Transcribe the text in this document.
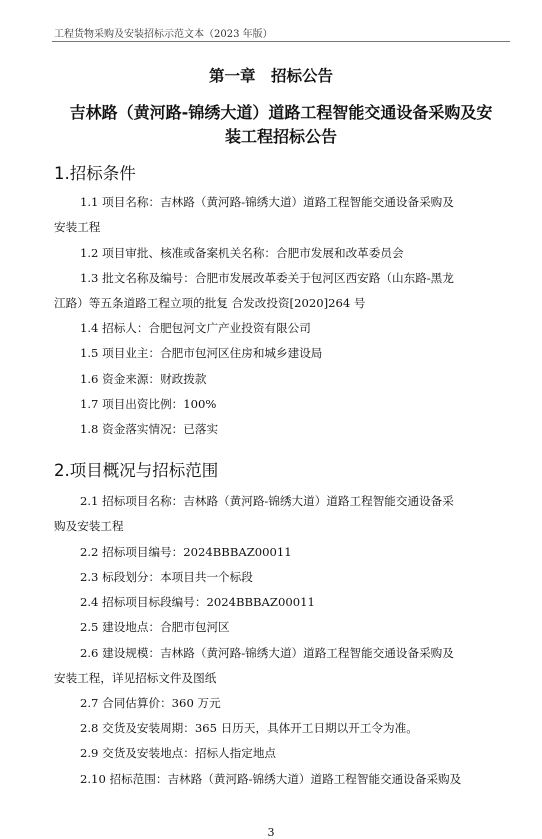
工程货物采购及安装招标示范文本（2023 年版）
第一章　招标公告
吉林路（黄河路-锦绣大道）道路工程智能交通设备采购及安
装工程招标公告
1.招标条件
1.1 项目名称：吉林路（黄河路-锦绣大道）道路工程智能交通设备采购及
安装工程
1.2 项目审批、核准或备案机关名称：合肥市发展和改革委员会
1.3 批文名称及编号：合肥市发展改革委关于包河区西安路（山东路-黑龙
江路）等五条道路工程立项的批复 合发改投资[2020]264 号
1.4 招标人：合肥包河文广产业投资有限公司
1.5 项目业主：合肥市包河区住房和城乡建设局
1.6 资金来源：财政拨款
1.7 项目出资比例：100%
1.8 资金落实情况：已落实
2.项目概况与招标范围
2.1 招标项目名称：吉林路（黄河路-锦绣大道）道路工程智能交通设备采
购及安装工程
2.2 招标项目编号：2024BBBAZ00011
2.3 标段划分：本项目共一个标段
2.4 招标项目标段编号：2024BBBAZ00011
2.5 建设地点：合肥市包河区
2.6 建设规模：吉林路（黄河路-锦绣大道）道路工程智能交通设备采购及
安装工程，详见招标文件及图纸
2.7 合同估算价：360 万元
2.8 交货及安装周期：365 日历天，具体开工日期以开工令为准。
2.9 交货及安装地点：招标人指定地点
2.10 招标范围：吉林路（黄河路-锦绣大道）道路工程智能交通设备采购及
3
